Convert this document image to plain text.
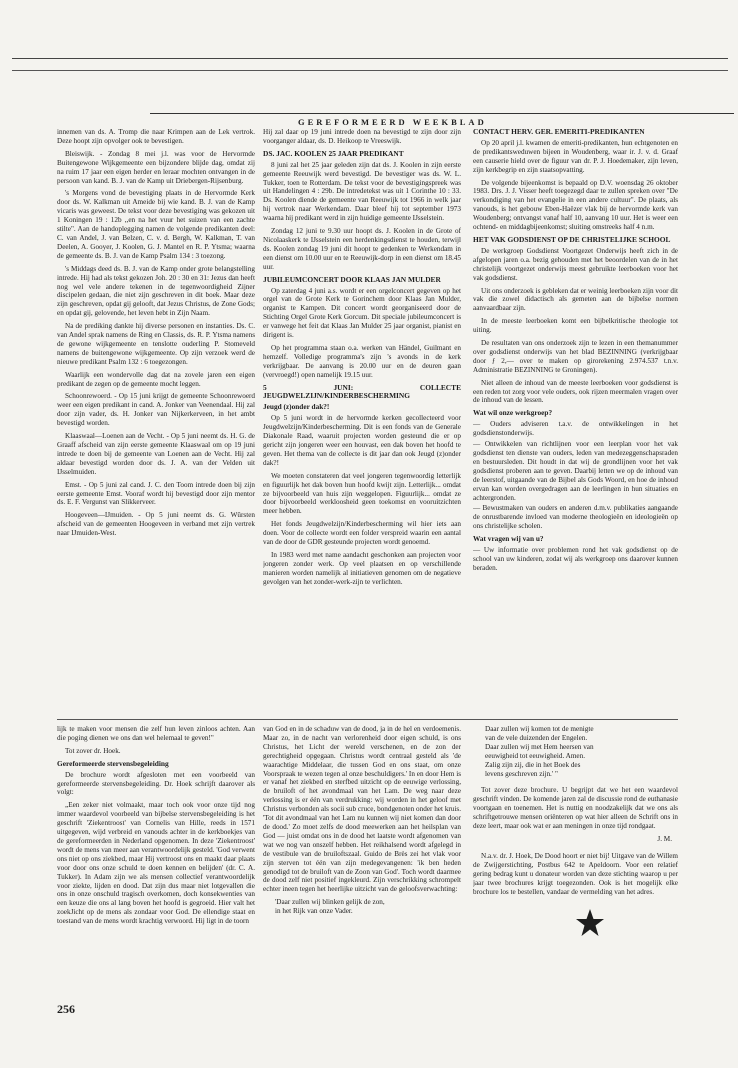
GEREFORMEERD WEEKBLAD

innemen van ds. A. Tromp die naar Krimpen aan de Lek vertrok. Deze hoopt zijn opvolger ook te bevestigen.

Bleiswijk. - Zondag 8 mei j.l. was voor de Hervormde Buitengewone Wijkgemeente een bijzondere blijde dag, omdat zij na ruim 17 jaar een eigen herder en leraar mochten ontvangen in de persoon van kand. B. J. van de Kamp uit Driebergen-Rijsenburg.

's Morgens vond de bevestiging plaats in de Hervormde Kerk door ds. W. Kalkman uit Ameide bij wie kand. B. J. van de Kamp vicaris was geweest. De tekst voor deze bevestiging was gekozen uit 1 Koningen 19 : 12b ,,en na het vuur het suizen van een zachte stilte". Aan de handoplegging namen de volgende predikanten deel: C. van Andel, J. van Belzen, C. v. d. Bergh, W. Kalkman, T. van Deelen, A. Gooyer, J. Koolen, G. J. Mantel en R. P. Ytsma; waarna de gemeente ds. B. J. van de Kamp Psalm 134 : 3 toezong.

's Middags deed ds. B. J. van de Kamp onder grote belangstelling intrede. Hij had als tekst gekozen Joh. 20 : 30 en 31: Jezus dan heeft nog wel vele andere tekenen in de tegenwoordigheid Zijner discipelen gedaan, die niet zijn geschreven in dit boek. Maar deze zijn geschreven, opdat gij gelooft, dat Jezus Christus, de Zone Gods; en opdat gij, gelovende, het leven hebt in Zijn Naam.

Na de prediking dankte hij diverse personen en instanties. Ds. C. van Andel sprak namens de Ring en Classis, ds. R. P. Ytsma namens de gewone wijkgemeente en tenslotte ouderling P. Stomeveld namens de buitengewone wijkgemeente. Op zijn verzoek werd de nieuwe predikant Psalm 132 : 6 toegezongen.

Waarlijk een wondervolle dag dat na zovele jaren een eigen predikant de zegen op de gemeente mocht leggen.

Schoonrewoerd. - Op 15 juni krijgt de gemeente Schoonrewoerd weer een eigen predikant in cand. A. Jonker van Veenendaal. Hij zal door zijn vader, ds. H. Jonker van Nijkerkerveen, in het ambt bevestigd worden.

Klaaswaal—Loenen aan de Vecht. - Op 5 juni neemt ds. H. G. de Graaff afscheid van zijn eerste gemeente Klaaswaal om op 19 juni intrede te doen bij de gemeente van Loenen aan de Vecht. Hij zal aldaar bevestigd worden door ds. J. A. van der Velden uit IJsselmuiden.

Emst. - Op 5 juni zal cand. J. C. den Toom intrede doen bij zijn eerste gemeente Emst. Vooraf wordt hij bevestigd door zijn mentor ds. E. F. Vergunst van Slikkerveer.

Hoogeveen—IJmuiden. - Op 5 juni neemt ds. G. Wûrsten afscheid van de gemeenten Hoogeveen in verband met zijn vertrek naar IJmuiden-West.

Hij zal daar op 19 juni intrede doen na bevestigd te zijn door zijn voorganger aldaar, ds. D. Heikoop te Vreeswijk.

DS. JAC. KOOLEN 25 JAAR PREDIKANT

8 juni zal het 25 jaar geleden zijn dat ds. J. Koolen in zijn eerste gemeente Reeuwijk werd bevestigd. De bevestiger was ds. W. L. Tukker, toen te Rotterdam. De tekst voor de bevestigingspreek was uit Handelingen 4 : 29b. De intredetekst was uit 1 Corinthe 10 : 33. Ds. Koolen diende de gemeente van Reeuwijk tot 1966 in welk jaar hij vertrok naar Werkendam. Daar bleef hij tot september 1973 waarna hij predikant werd in zijn huidige gemeente IJsselstein.

Zondag 12 juni te 9.30 uur hoopt ds. J. Koolen in de Grote of Nicolaaskerk te IJsselstein een herdenkingsdienst te houden, terwijl ds. Koolen zondag 19 juni dit hoopt te gedenken te Werkendam in een dienst om 10.00 uur en te Reeuwijk-dorp in een dienst om 18.45 uur.

JUBILEUMCONCERT DOOR KLAAS JAN MULDER

Op zaterdag 4 juni a.s. wordt er een orgelconcert gegeven op het orgel van de Grote Kerk te Gorinchem door Klaas Jan Mulder, organist te Kampen. Dit concert wordt georganiseerd door de Stichting Orgel Grote Kerk Gorcum. Dit speciale jubileumconcert is er vanwege het feit dat Klaas Jan Mulder 25 jaar organist, pianist en dirigent is.

Op het programma staan o.a. werken van Händel, Guilmant en hemzelf. Volledige programma's zijn 's avonds in de kerk verkrijgbaar. De aanvang is 20.00 uur en de deuren gaan (vervroegd!) open namelijk 19.15 uur.

5 JUNI: COLLECTE JEUGDWELZIJN/KINDERBESCHERMING
Jeugd (z)onder dak?!

Op 5 juni wordt in de hervormde kerken gecollecteerd voor Jeugdwelzijn/Kinderbescherming. Dit is een fonds van de Generale Diakonale Raad, waaruit projecten worden gesteund die er op gericht zijn jongeren weer een houvast, een dak boven het hoofd te geven. Het thema van de collecte is dit jaar dan ook Jeugd (z)onder dak?!

We moeten constateren dat veel jongeren tegenwoordig letterlijk en figuurlijk het dak boven hun hoofd kwijt zijn. Letterlijk... omdat ze bijvoorbeeld van huis zijn weggelopen. Figuurlijk... omdat ze door bijvoorbeeld werkloosheid geen toekomst en vooruitzichten meer hebben.

Het fonds Jeugdwelzijn/Kinderbescherming wil hier iets aan doen. Voor de collecte wordt een folder verspreid waarin een aantal van de door de GDR gesteunde projecten wordt genoemd.

In 1983 werd met name aandacht geschonken aan projecten voor jongeren zonder werk. Op veel plaatsen en op verschillende manieren worden namelijk al initiatieven genomen om de negatieve gevolgen van het zonder-werk-zijn te verlichten.

CONTACT HERV. GER. EMERITI-PREDIKANTEN

Op 20 april j.l. kwamen de emeriti-predikanten, hun echtgenoten en de predikantsweduwen bijeen in Woudenberg, waar ir. J. v. d. Graaf een causerie hield over de figuur van dr. P. J. Hoedemaker, zijn leven, zijn kerkbegrip en zijn staatsopvatting.

De volgende bijeenkomst is bepaald op D.V. woensdag 26 oktober 1983. Drs. J. J. Visser heeft toegezegd daar te zullen spreken over "De verkondiging van het evangelie in een andere cultuur". De plaats, als vanouds, is het gebouw Eben-Haëzer vlak bij de hervormde kerk van Woudenberg; ontvangst vanaf half 10, aanvang 10 uur. Het is weer een ochtend- en middagbijeenkomst; sluiting omstreeks half 4 n.m.

HET VAK GODSDIENST OP DE CHRISTELIJKE SCHOOL

De werkgroep Godsdienst Voortgezet Onderwijs heeft zich in de afgelopen jaren o.a. bezig gehouden met het beoordelen van de in het christelijk voortgezet onderwijs meest gebruikte leerboeken voor het vak godsdienst.

Uit ons onderzoek is gebleken dat er weinig leerboeken zijn voor dit vak die zowel didactisch als gemeten aan de bijbelse normen aanvaardbaar zijn.

In de meeste leerboeken komt een bijbelkritische theologie tot uiting.

De resultaten van ons onderzoek zijn te lezen in een themanummer over godsdienst onderwijs van het blad BEZINNING (verkrijgbaar door ƒ 2,— over te maken op girorekening 2.974.537 t.n.v. Administratie BEZINNING te Groningen).

Niet alleen de inhoud van de meeste leerboeken voor godsdienst is een reden tot zorg voor vele ouders, ook rijzen meermalen vragen over de inhoud van de lessen.

Wat wil onze werkgroep?
— Ouders adviseren t.a.v. de ontwikkelingen in het godsdienstonderwijs.
— Ontwikkelen van richtlijnen voor een leerplan voor het vak godsdienst ten dienste van ouders, leden van medezeggenschapsraden en bestuursleden. Dit houdt in dat wij de grondlijnen voor het vak godsdienst proberen aan te geven. Daarbij letten we op de inhoud van de leerstof, uitgaande van de Bijbel als Gods Woord, en hoe de inhoud ervan kan worden overgedragen aan de leerlingen in hun situaties en achtergronden.
— Bewustmaken van ouders en anderen d.m.v. publikaties aangaande de onrustbarende invloed van moderne theologieën en ideologieën op ons christelijke scholen.
Wat vragen wij van u?
— Uw informatie over problemen rond het vak godsdienst op de school van uw kinderen, zodat wij als werkgroep ons daarover kunnen beraden.

lijk te maken voor mensen die zelf hun leven zinloos achten. Aan die poging dienen we ons dan wel helemaal te geven!"

Tot zover dr. Hoek.

Gereformeerde stervensbegeleiding

De brochure wordt afgesloten met een voorbeeld van gereformeerde stervensbegeleiding. Dr. Hoek schrijft daarover als volgt:

„Een zeker niet volmaakt, maar toch ook voor onze tijd nog immer waardevol voorbeeld van bijbelse stervensbegeleiding is het geschrift 'Ziekentroost' van Cornelis van Hille, reeds in 1571 uitgegeven, wijd verbreid en vanouds achter in de kerkboekjes van de gereformeerden in Nederland opgenomen. In deze 'Ziekentroost' wordt de mens van meer aan verantwoordelijk gesteld. 'God verwent ons niet op ons ziekbed, maar Hij vertroost ons en maakt daar plaats voor door ons onze schuld te doen kennen en belijden' (dr. C. A. Tukker). In Adam zijn we als mensen collectief verantwoordelijk voor ziekte, lijden en dood. Dat zijn dus maar niet lotgevallen die ons in onze onschuld tragisch overkomen, doch konsekwenties van een keuze die ons al lang boven het hoofd is gegroeid. Hier valt het zoekJicht op de mens als zondaar voor God. De ellendige staat en toestand van de mens wordt krachtig verwoord. Hij ligt in de toorn

van God en in de schaduw van de dood, ja in de hel en verdoemenis. Maar zo, in de nacht van verlorenheid door eigen schuld, is ons Christus, het Licht der wereld verschenen, en de zon der gerechtigheid opgegaan. Christus wordt centraal gesteld als 'de waarachtige Middelaar, die tussen God en ons staat, om onze Voorspraak te wezen tegen al onze beschuldigers.' In en door Hem is er vanaf het ziekbed en sterfbed uitzicht op de eeuwige verlossing, de bruiloft of het avondmaal van het Lam. De weg naar deze verlossing is er één van verdrukking: wij worden in het geloof met Christus verbonden als socii sub cruce, bondgenoten onder het kruis. 'Tot dit avondmaal van het Lam nu kunnen wij niet komen dan door de dood.' Zo moet zelfs de dood meewerken aan het heilsplan van God — juist omdat ons in de dood het laatste wordt afgenomen van wat we nog van onszelf hebben. Het reikhalsend wordt afgelegd in de vestibule van de bruiloftszaal. Guido de Brès zei het vlak voor zijn sterven tot één van zijn medegevangenen: 'ik ben heden genodigd tot de bruiloft van de Zoon van God'. Toch wordt daarmee de dood zelf niet positief ingekleurd. Zijn verschrikking schrompelt echter ineen tegen het heerlijke uitzicht van de geloofsverwachting:

'Daar zullen wij blinken gelijk de zon,
in het Rijk van onze Vader.
Daar zullen wij komen tot de menigte
van de vele duizenden der Engelen.
Daar zullen wij met Hem heersen van
eeuwigheid tot eeuwigheid. Amen.
Zalig zijn zij, die in het Boek des
levens geschreven zijn.' "

Tot zover deze brochure. U begrijpt dat we het een waardevol geschrift vinden. De komende jaren zal de discussie rond de euthanasie voortgaan en toenemen. Het is nuttig en noodzakelijk dat we ons als schriftgetrouwe mensen oriënteren op wat hier alleen de Schrift ons in deze leert, maar ook wat er aan meningen in onze tijd rondgaat.

J. M.

N.a.v. dr. J. Hoek, De Dood hoort er niet bij! Uitgave van de Willem de Zwijgerstichting, Postbus 642 te Apeldoorn. Voor een relatief gering bedrag kunt u donateur worden van deze stichting waarop u per jaar twee brochures krijgt toegezonden. Ook is het mogelijk elke brochure los te bestellen, vandaar de vermelding van het adres.

256
